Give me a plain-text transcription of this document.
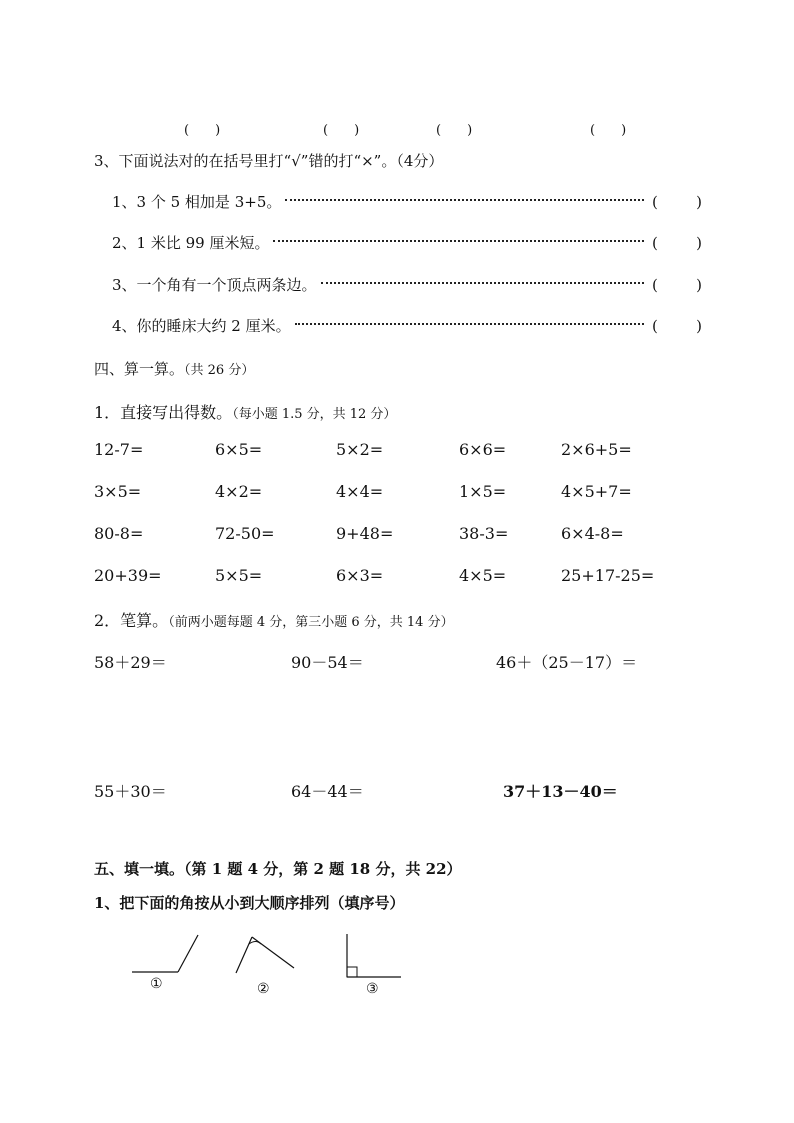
(　　)	(　　)	(　　)	(　　)
3、下面说法对的在括号里打“√”错的打“×”。（4分）
1、3 个 5 相加是 3+5。	(	)
2、1 米比 99 厘米短。	(	)
3、一个角有一个顶点两条边。	(	)
4、你的睡床大约 2 厘米。	(	)
四、算一算。（共 26 分）
1．直接写出得数。（每小题 1.5 分，共 12 分）
12-7=	6×5=	5×2=	6×6=	2×6+5=
3×5=	4×2=	4×4=	1×5=	4×5+7=
80-8=	72-50=	9+48=	38-3=	6×4-8=
20+39=	5×5=	6×3=	4×5=	25+17-25=
2．笔算。（前两小题每题 4 分，第三小题 6 分，共 14 分）
58＋29＝	90－54＝	46＋（25－17）＝
55＋30＝	64－44＝	37＋13－40＝
五、填一填。（第 1 题 4 分，第 2 题 18 分，共 22）
1、把下面的角按从小到大顺序排列（填序号）
①	②	③
